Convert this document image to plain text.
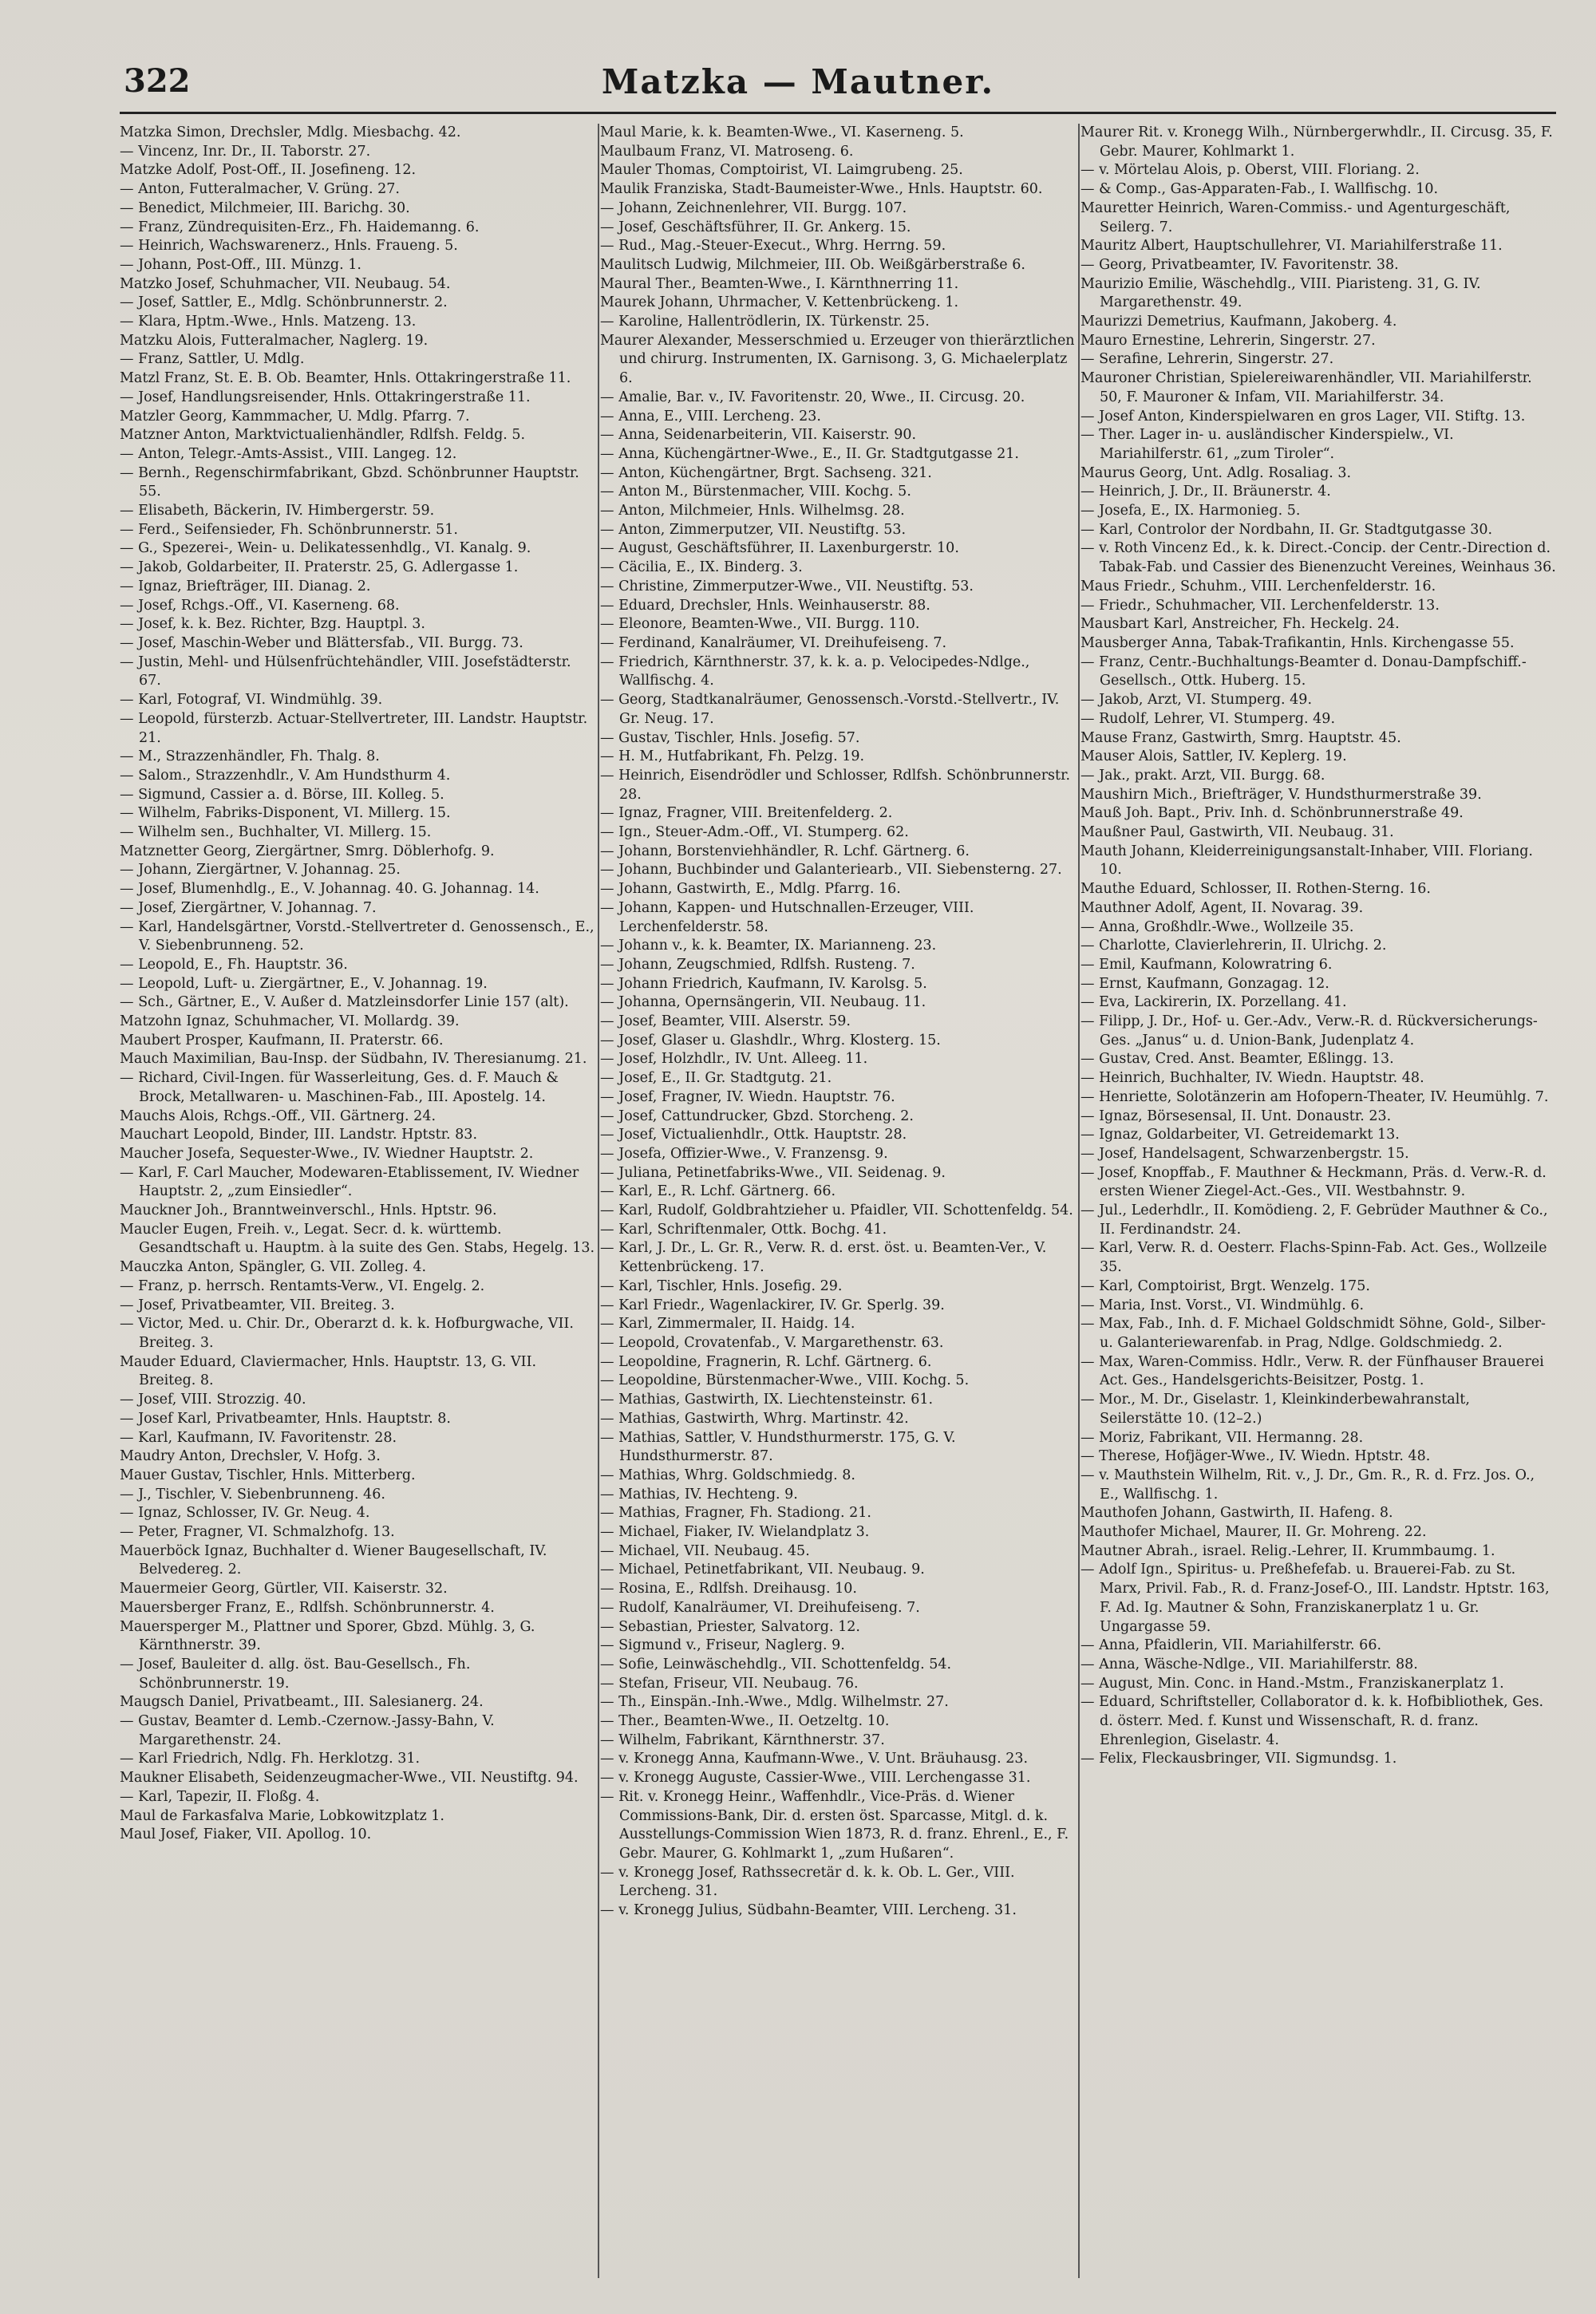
322	Matzka — Mautner.

Matzka Simon, Drechsler, Mdlg. Miesbachg. 42.

— Vincenz, Inr. Dr., II. Taborstr. 27.

Matzke Adolf, Post-Off., II. Josefineng. 12.

— Anton, Futteralmacher, V. Grüng. 27.

— Benedict, Milchmeier, III. Barichg. 30.

— Franz, Zündrequisiten-Erz., Fh. Haidemanng. 6.

— Heinrich, Wachswarenerz., Hnls. Fraueng. 5.

— Johann, Post-Off., III. Münzg. 1.

Matzko Josef, Schuhmacher, VII. Neubaug. 54.

— Josef, Sattler, E., Mdlg. Schönbrunnerstr. 2.

— Klara, Hptm.-Wwe., Hnls. Matzeng. 13.

Matzku Alois, Futteralmacher, Naglerg. 19.

— Franz, Sattler, U. Mdlg.

Matzl Franz, St. E. B. Ob. Beamter, Hnls. Ottakringerstraße 11.

— Josef, Handlungsreisender, Hnls. Ottakringerstraße 11.

Matzler Georg, Kammmacher, U. Mdlg. Pfarrg. 7.

Matzner Anton, Marktvictualienhändler, Rdlfsh. Feldg. 5.

— Anton, Telegr.-Amts-Assist., VIII. Langeg. 12.

— Bernh., Regenschirmfabrikant, Gbzd. Schönbrunner Hauptstr. 55.

— Elisabeth, Bäckerin, IV. Himbergerstr. 59.

— Ferd., Seifensieder, Fh. Schönbrunnerstr. 51.

— G., Spezerei-, Wein- u. Delikatessenhdlg., VI. Kanalg. 9.

— Jakob, Goldarbeiter, II. Praterstr. 25, G. Adlergasse 1.

— Ignaz, Briefträger, III. Dianag. 2.

— Josef, Rchgs.-Off., VI. Kaserneng. 68.

— Josef, k. k. Bez. Richter, Bzg. Hauptpl. 3.

— Josef, Maschin-Weber und Blättersfab., VII. Burgg. 73.

— Justin, Mehl- und Hülsenfrüchtehändler, VIII. Josefstädterstr. 67.

— Karl, Fotograf, VI. Windmühlg. 39.

— Leopold, fürsterzb. Actuar-Stellvertreter, III. Landstr. Hauptstr. 21.

— M., Strazzenhändler, Fh. Thalg. 8.

— Salom., Strazzenhdlr., V. Am Hundsthurm 4.

— Sigmund, Cassier a. d. Börse, III. Kolleg. 5.

— Wilhelm, Fabriks-Disponent, VI. Millerg. 15.

— Wilhelm sen., Buchhalter, VI. Millerg. 15.

Matznetter Georg, Ziergärtner, Smrg. Döblerhofg. 9.

— Johann, Ziergärtner, V. Johannag. 25.

— Josef, Blumenhdlg., E., V. Johannag. 40. G. Johannag. 14.

— Josef, Ziergärtner, V. Johannag. 7.

— Karl, Handelsgärtner, Vorstd.-Stellvertreter d. Genossensch., E., V. Siebenbrunneng. 52.

— Leopold, E., Fh. Hauptstr. 36.

— Leopold, Luft- u. Ziergärtner, E., V. Johannag. 19.

— Sch., Gärtner, E., V. Außer d. Matzleinsdorfer Linie 157 (alt).

Matzohn Ignaz, Schuhmacher, VI. Mollardg. 39.

Maubert Prosper, Kaufmann, II. Praterstr. 66.

Mauch Maximilian, Bau-Insp. der Südbahn, IV. Theresianumg. 21.

— Richard, Civil-Ingen. für Wasserleitung, Ges. d. F. Mauch & Brock, Metallwaren- u. Maschinen-Fab., III. Apostelg. 14.

Mauchs Alois, Rchgs.-Off., VII. Gärtnerg. 24.

Mauchart Leopold, Binder, III. Landstr. Hptstr. 83.

Maucher Josefa, Sequester-Wwe., IV. Wiedner Hauptstr. 2.

— Karl, F. Carl Maucher, Modewaren-Etablissement, IV. Wiedner Hauptstr. 2, „zum Einsiedler“.

Mauckner Joh., Branntweinverschl., Hnls. Hptstr. 96.

Maucler Eugen, Freih. v., Legat. Secr. d. k. württemb. Gesandtschaft u. Hauptm. à la suite des Gen. Stabs, Hegelg. 13.

Mauczka Anton, Spängler, G. VII. Zolleg. 4.

— Franz, p. herrsch. Rentamts-Verw., VI. Engelg. 2.

— Josef, Privatbeamter, VII. Breiteg. 3.

— Victor, Med. u. Chir. Dr., Oberarzt d. k. k. Hofburgwache, VII. Breiteg. 3.

Mauder Eduard, Claviermacher, Hnls. Hauptstr. 13, G. VII. Breiteg. 8.

— Josef, VIII. Strozzig. 40.

— Josef Karl, Privatbeamter, Hnls. Hauptstr. 8.

— Karl, Kaufmann, IV. Favoritenstr. 28.

Maudry Anton, Drechsler, V. Hofg. 3.

Mauer Gustav, Tischler, Hnls. Mitterberg.

— J., Tischler, V. Siebenbrunneng. 46.

— Ignaz, Schlosser, IV. Gr. Neug. 4.

— Peter, Fragner, VI. Schmalzhofg. 13.

Mauerböck Ignaz, Buchhalter d. Wiener Baugesellschaft, IV. Belvedereg. 2.

Mauermeier Georg, Gürtler, VII. Kaiserstr. 32.

Mauersberger Franz, E., Rdlfsh. Schönbrunnerstr. 4.

Mauersperger M., Plattner und Sporer, Gbzd. Mühlg. 3, G. Kärnthnerstr. 39.

— Josef, Bauleiter d. allg. öst. Bau-Gesellsch., Fh. Schönbrunnerstr. 19.

Maugsch Daniel, Privatbeamt., III. Salesianerg. 24.

— Gustav, Beamter d. Lemb.-Czernow.-Jassy-Bahn, V. Margarethenstr. 24.

— Karl Friedrich, Ndlg. Fh. Herklotzg. 31.

Maukner Elisabeth, Seidenzeugmacher-Wwe., VII. Neustiftg. 94.

— Karl, Tapezir, II. Floßg. 4.

Maul de Farkasfalva Marie, Lobkowitzplatz 1.

Maul Josef, Fiaker, VII. Apollog. 10.

Maul Marie, k. k. Beamten-Wwe., VI. Kaserneng. 5.

Maulbaum Franz, VI. Matroseng. 6.

Mauler Thomas, Comptoirist, VI. Laimgrubeng. 25.

Maulik Franziska, Stadt-Baumeister-Wwe., Hnls. Hauptstr. 60.

— Johann, Zeichnenlehrer, VII. Burgg. 107.

— Josef, Geschäftsführer, II. Gr. Ankerg. 15.

— Rud., Mag.-Steuer-Execut., Whrg. Herrng. 59.

Maulitsch Ludwig, Milchmeier, III. Ob. Weißgärberstraße 6.

Maural Ther., Beamten-Wwe., I. Kärnthnerring 11.

Maurek Johann, Uhrmacher, V. Kettenbrückeng. 1.

— Karoline, Hallentrödlerin, IX. Türkenstr. 25.

Maurer Alexander, Messerschmied u. Erzeuger von thierärztlichen und chirurg. Instrumenten, IX. Garnisong. 3, G. Michaelerplatz 6.

— Amalie, Bar. v., IV. Favoritenstr. 20, Wwe., II. Circusg. 20.

— Anna, E., VIII. Lercheng. 23.

— Anna, Seidenarbeiterin, VII. Kaiserstr. 90.

— Anna, Küchengärtner-Wwe., E., II. Gr. Stadtgutgasse 21.

— Anton, Küchengärtner, Brgt. Sachseng. 321.

— Anton M., Bürstenmacher, VIII. Kochg. 5.

— Anton, Milchmeier, Hnls. Wilhelmsg. 28.

— Anton, Zimmerputzer, VII. Neustiftg. 53.

— August, Geschäftsführer, II. Laxenburgerstr. 10.

— Cäcilia, E., IX. Binderg. 3.

— Christine, Zimmerputzer-Wwe., VII. Neustiftg. 53.

— Eduard, Drechsler, Hnls. Weinhauserstr. 88.

— Eleonore, Beamten-Wwe., VII. Burgg. 110.

— Ferdinand, Kanalräumer, VI. Dreihufeiseng. 7.

— Friedrich, Kärnthnerstr. 37, k. k. a. p. Velocipedes-Ndlge., Wallfischg. 4.

— Georg, Stadtkanalräumer, Genossensch.-Vorstd.-Stellvertr., IV. Gr. Neug. 17.

— Gustav, Tischler, Hnls. Josefig. 57.

— H. M., Hutfabrikant, Fh. Pelzg. 19.

— Heinrich, Eisendrödler und Schlosser, Rdlfsh. Schönbrunnerstr. 28.

— Ignaz, Fragner, VIII. Breitenfelderg. 2.

— Ign., Steuer-Adm.-Off., VI. Stumperg. 62.

— Johann, Borstenviehhändler, R. Lchf. Gärtnerg. 6.

— Johann, Buchbinder und Galanteriearb., VII. Siebensterng. 27.

— Johann, Gastwirth, E., Mdlg. Pfarrg. 16.

— Johann, Kappen- und Hutschnallen-Erzeuger, VIII. Lerchenfelderstr. 58.

— Johann v., k. k. Beamter, IX. Marianneng. 23.

— Johann, Zeugschmied, Rdlfsh. Rusteng. 7.

— Johann Friedrich, Kaufmann, IV. Karolsg. 5.

— Johanna, Opernsängerin, VII. Neubaug. 11.

— Josef, Beamter, VIII. Alserstr. 59.

— Josef, Glaser u. Glashdlr., Whrg. Klosterg. 15.

— Josef, Holzhdlr., IV. Unt. Alleeg. 11.

— Josef, E., II. Gr. Stadtgutg. 21.

— Josef, Fragner, IV. Wiedn. Hauptstr. 76.

— Josef, Cattundrucker, Gbzd. Storcheng. 2.

— Josef, Victualienhdlr., Ottk. Hauptstr. 28.

— Josefa, Offizier-Wwe., V. Franzensg. 9.

— Juliana, Petinetfabriks-Wwe., VII. Seidenag. 9.

— Karl, E., R. Lchf. Gärtnerg. 66.

— Karl, Rudolf, Goldbrahtzieher u. Pfaidler, VII. Schottenfeldg. 54.

— Karl, Schriftenmaler, Ottk. Bochg. 41.

— Karl, J. Dr., L. Gr. R., Verw. R. d. erst. öst. u. Beamten-Ver., V. Kettenbrückeng. 17.

— Karl, Tischler, Hnls. Josefig. 29.

— Karl Friedr., Wagenlackirer, IV. Gr. Sperlg. 39.

— Karl, Zimmermaler, II. Haidg. 14.

— Leopold, Crovatenfab., V. Margarethenstr. 63.

— Leopoldine, Fragnerin, R. Lchf. Gärtnerg. 6.

— Leopoldine, Bürstenmacher-Wwe., VIII. Kochg. 5.

— Mathias, Gastwirth, IX. Liechtensteinstr. 61.

— Mathias, Gastwirth, Whrg. Martinstr. 42.

— Mathias, Sattler, V. Hundsthurmerstr. 175, G. V. Hundsthurmerstr. 87.

— Mathias, Whrg. Goldschmiedg. 8.

— Mathias, IV. Hechteng. 9.

— Mathias, Fragner, Fh. Stadiong. 21.

— Michael, Fiaker, IV. Wielandplatz 3.

— Michael, VII. Neubaug. 45.

— Michael, Petinetfabrikant, VII. Neubaug. 9.

— Rosina, E., Rdlfsh. Dreihausg. 10.

— Rudolf, Kanalräumer, VI. Dreihufeiseng. 7.

— Sebastian, Priester, Salvatorg. 12.

— Sigmund v., Friseur, Naglerg. 9.

— Sofie, Leinwäschehdlg., VII. Schottenfeldg. 54.

— Stefan, Friseur, VII. Neubaug. 76.

— Th., Einspän.-Inh.-Wwe., Mdlg. Wilhelmstr. 27.

— Ther., Beamten-Wwe., II. Oetzeltg. 10.

— Wilhelm, Fabrikant, Kärnthnerstr. 37.

— v. Kronegg Anna, Kaufmann-Wwe., V. Unt. Bräuhausg. 23.

— v. Kronegg Auguste, Cassier-Wwe., VIII. Lerchengasse 31.

— Rit. v. Kronegg Heinr., Waffenhdlr., Vice-Präs. d. Wiener Commissions-Bank, Dir. d. ersten öst. Sparcasse, Mitgl. d. k. Ausstellungs-Commission Wien 1873, R. d. franz. Ehrenl., E., F. Gebr. Maurer, G. Kohlmarkt 1, „zum Hußaren“.

— v. Kronegg Josef, Rathssecretär d. k. k. Ob. L. Ger., VIII. Lercheng. 31.

— v. Kronegg Julius, Südbahn-Beamter, VIII. Lercheng. 31.

Maurer Rit. v. Kronegg Wilh., Nürnbergerwhdlr., II. Circusg. 35, F. Gebr. Maurer, Kohlmarkt 1.

— v. Mörtelau Alois, p. Oberst, VIII. Floriang. 2.

— & Comp., Gas-Apparaten-Fab., I. Wallfischg. 10.

Mauretter Heinrich, Waren-Commiss.- und Agenturgeschäft, Seilerg. 7.

Mauritz Albert, Hauptschullehrer, VI. Mariahilferstraße 11.

— Georg, Privatbeamter, IV. Favoritenstr. 38.

Maurizio Emilie, Wäschehdlg., VIII. Piaristeng. 31, G. IV. Margarethenstr. 49.

Maurizzi Demetrius, Kaufmann, Jakoberg. 4.

Mauro Ernestine, Lehrerin, Singerstr. 27.

— Serafine, Lehrerin, Singerstr. 27.

Mauroner Christian, Spielereiwarenhändler, VII. Mariahilferstr. 50, F. Mauroner & Infam, VII. Mariahilferstr. 34.

— Josef Anton, Kinderspielwaren en gros Lager, VII. Stiftg. 13.

— Ther. Lager in- u. ausländischer Kinderspielw., VI. Mariahilferstr. 61, „zum Tiroler“.

Maurus Georg, Unt. Adlg. Rosaliag. 3.

— Heinrich, J. Dr., II. Bräunerstr. 4.

— Josefa, E., IX. Harmonieg. 5.

— Karl, Controlor der Nordbahn, II. Gr. Stadtgutgasse 30.

— v. Roth Vincenz Ed., k. k. Direct.-Concip. der Centr.-Direction d. Tabak-Fab. und Cassier des Bienenzucht Vereines, Weinhaus 36.

Maus Friedr., Schuhm., VIII. Lerchenfelderstr. 16.

— Friedr., Schuhmacher, VII. Lerchenfelderstr. 13.

Mausbart Karl, Anstreicher, Fh. Heckelg. 24.

Mausberger Anna, Tabak-Trafikantin, Hnls. Kirchengasse 55.

— Franz, Centr.-Buchhaltungs-Beamter d. Donau-Dampfschiff.-Gesellsch., Ottk. Huberg. 15.

— Jakob, Arzt, VI. Stumperg. 49.

— Rudolf, Lehrer, VI. Stumperg. 49.

Mause Franz, Gastwirth, Smrg. Hauptstr. 45.

Mauser Alois, Sattler, IV. Keplerg. 19.

— Jak., prakt. Arzt, VII. Burgg. 68.

Maushirn Mich., Briefträger, V. Hundsthurmerstraße 39.

Mauß Joh. Bapt., Priv. Inh. d. Schönbrunnerstraße 49.

Maußner Paul, Gastwirth, VII. Neubaug. 31.

Mauth Johann, Kleiderreinigungsanstalt-Inhaber, VIII. Floriang. 10.

Mauthe Eduard, Schlosser, II. Rothen-Sterng. 16.

Mauthner Adolf, Agent, II. Novarag. 39.

— Anna, Großhdlr.-Wwe., Wollzeile 35.

— Charlotte, Clavierlehrerin, II. Ulrichg. 2.

— Emil, Kaufmann, Kolowratring 6.

— Ernst, Kaufmann, Gonzagag. 12.

— Eva, Lackirerin, IX. Porzellang. 41.

— Filipp, J. Dr., Hof- u. Ger.-Adv., Verw.-R. d. Rückversicherungs-Ges. „Janus“ u. d. Union-Bank, Judenplatz 4.

— Gustav, Cred. Anst. Beamter, Eßlingg. 13.

— Heinrich, Buchhalter, IV. Wiedn. Hauptstr. 48.

— Henriette, Solotänzerin am Hofopern-Theater, IV. Heumühlg. 7.

— Ignaz, Börsesensal, II. Unt. Donaustr. 23.

— Ignaz, Goldarbeiter, VI. Getreidemarkt 13.

— Josef, Handelsagent, Schwarzenbergstr. 15.

— Josef, Knopffab., F. Mauthner & Heckmann, Präs. d. Verw.-R. d. ersten Wiener Ziegel-Act.-Ges., VII. Westbahnstr. 9.

— Jul., Lederhdlr., II. Komödieng. 2, F. Gebrüder Mauthner & Co., II. Ferdinandstr. 24.

— Karl, Verw. R. d. Oesterr. Flachs-Spinn-Fab. Act. Ges., Wollzeile 35.

— Karl, Comptoirist, Brgt. Wenzelg. 175.

— Maria, Inst. Vorst., VI. Windmühlg. 6.

— Max, Fab., Inh. d. F. Michael Goldschmidt Söhne, Gold-, Silber- u. Galanteriewarenfab. in Prag, Ndlge. Goldschmiedg. 2.

— Max, Waren-Commiss. Hdlr., Verw. R. der Fünfhauser Brauerei Act. Ges., Handelsgerichts-Beisitzer, Postg. 1.

— Mor., M. Dr., Giselastr. 1, Kleinkinderbewahranstalt, Seilerstätte 10. (12–2.)

— Moriz, Fabrikant, VII. Hermanng. 28.

— Therese, Hofjäger-Wwe., IV. Wiedn. Hptstr. 48.

— v. Mauthstein Wilhelm, Rit. v., J. Dr., Gm. R., R. d. Frz. Jos. O., E., Wallfischg. 1.

Mauthofen Johann, Gastwirth, II. Hafeng. 8.

Mauthofer Michael, Maurer, II. Gr. Mohreng. 22.

Mautner Abrah., israel. Relig.-Lehrer, II. Krummbaumg. 1.

— Adolf Ign., Spiritus- u. Preßhefefab. u. Brauerei-Fab. zu St. Marx, Privil. Fab., R. d. Franz-Josef-O., III. Landstr. Hptstr. 163, F. Ad. Ig. Mautner & Sohn, Franziskanerplatz 1 u. Gr. Ungargasse 59.

— Anna, Pfaidlerin, VII. Mariahilferstr. 66.

— Anna, Wäsche-Ndlge., VII. Mariahilferstr. 88.

— August, Min. Conc. in Hand.-Mstm., Franziskanerplatz 1.

— Eduard, Schriftsteller, Collaborator d. k. k. Hofbibliothek, Ges. d. österr. Med. f. Kunst und Wissenschaft, R. d. franz. Ehrenlegion, Giselastr. 4.

— Felix, Fleckausbringer, VII. Sigmundsg. 1.
